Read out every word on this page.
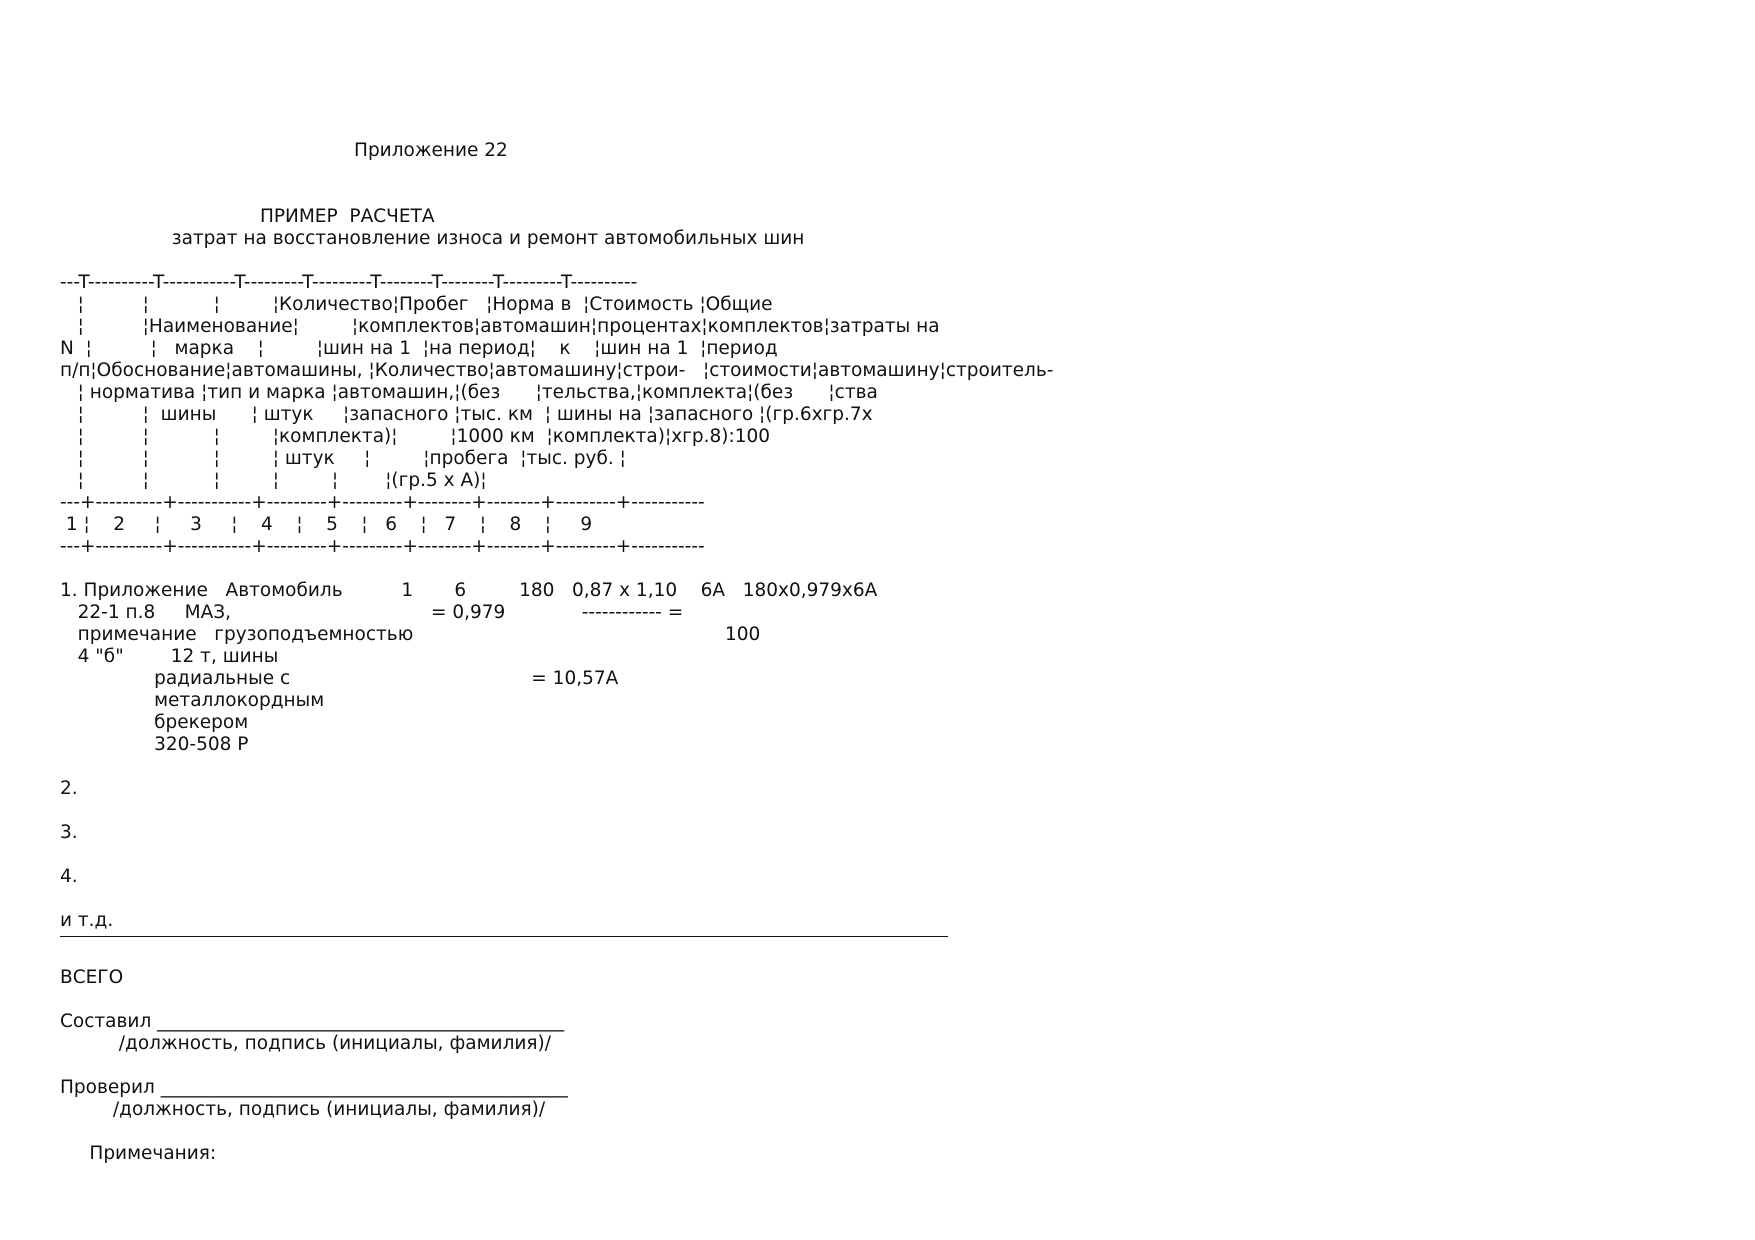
Приложение 22
ПРИМЕР  РАСЧЕТА
затрат на восстановление износа и ремонт автомобильных шин
---T----------T-----------T---------T---------T--------T--------T---------T----------
¦          ¦           ¦         ¦Количество¦Пробег   ¦Норма в  ¦Стоимость ¦Общие
¦          ¦Наименование¦         ¦комплектов¦автомашин¦процентах¦комплектов¦затраты на
N  ¦          ¦   марка    ¦         ¦шин на 1  ¦на период¦    к    ¦шин на 1  ¦период
п/п¦Обоснование¦автомашины, ¦Количество¦автомашину¦строи-   ¦стоимости¦автомашину¦строитель-
¦ норматива ¦тип и марка ¦автомашин,¦(без      ¦тельства,¦комплекта¦(без      ¦ства
¦          ¦  шины      ¦ штук     ¦запасного ¦тыс. км  ¦ шины на ¦запасного ¦(гр.6хгр.7х
¦          ¦           ¦         ¦комплекта)¦         ¦1000 км  ¦комплекта)¦хгр.8):100
¦          ¦           ¦         ¦ штук     ¦         ¦пробега  ¦тыс. руб. ¦
¦          ¦           ¦         ¦         ¦        ¦(гр.5 х А)¦
---+----------+-----------+---------+---------+--------+--------+---------+-----------
1 ¦    2     ¦     3     ¦    4    ¦    5    ¦   6    ¦   7    ¦    8    ¦     9
---+----------+-----------+---------+---------+--------+--------+---------+-----------
1. Приложение   Автомобиль          1       6         180   0,87 х 1,10    6А   180х0,979х6А
22-1 п.8     МАЗ,                                  = 0,979             ------------ =
примечание   грузоподъемностью                                                     100
4 "б"        12 т, шины
радиальные с                                         = 10,57А
металлокордным
брекером
320-508 Р
2.
3.
4.
и т.д.
ВСЕГО
Составил ____________________________________________
/должность, подпись (инициалы, фамилия)/
Проверил ____________________________________________
/должность, подпись (инициалы, фамилия)/
Примечания:
